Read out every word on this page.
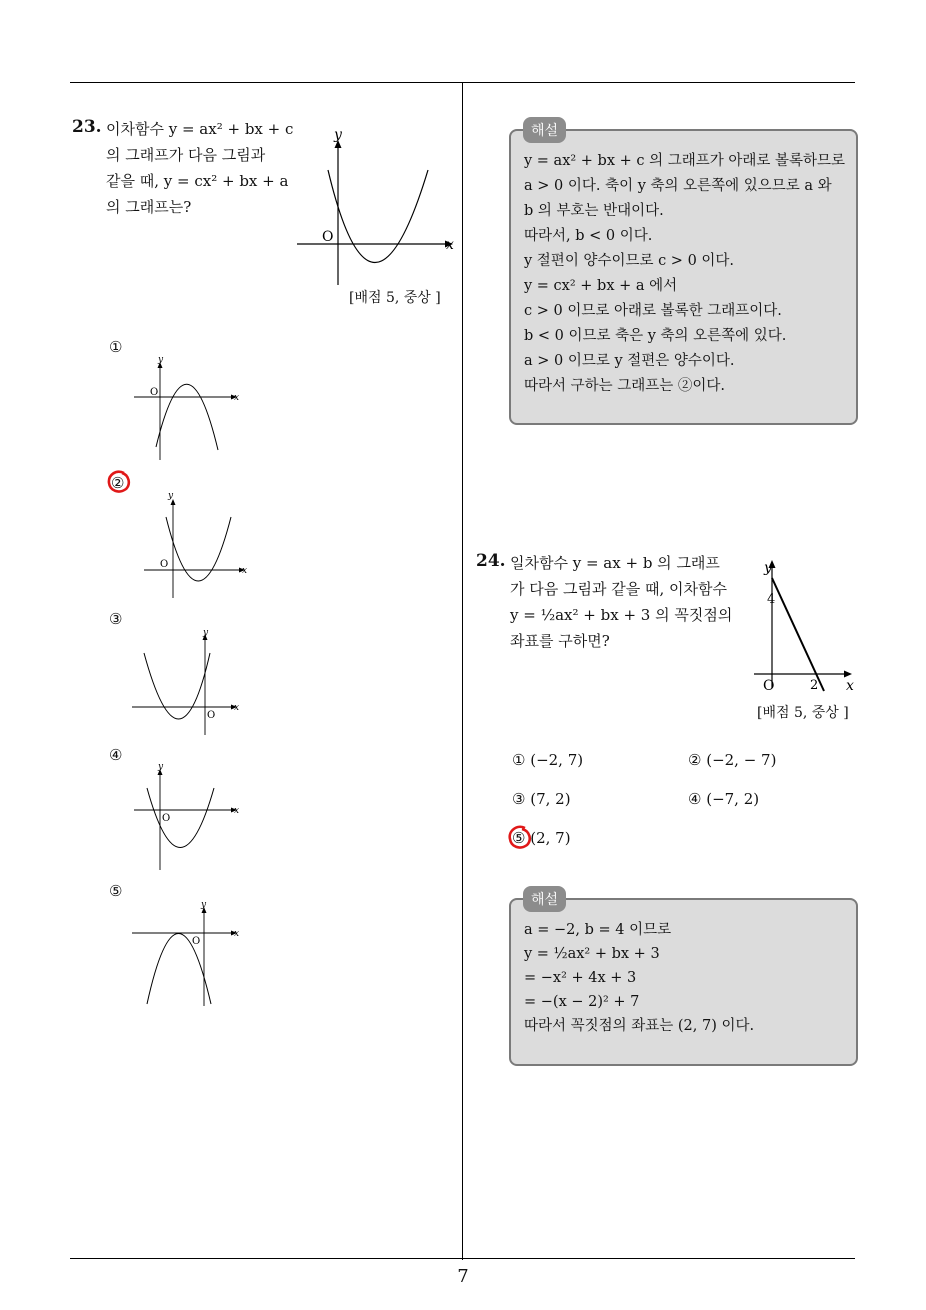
23. 이차함수 y = ax² + bx + c
의 그래프가 다음 그림과
같을 때, y = cx² + bx + a
의 그래프는?
y
x
O
[배점 5, 중상 ]
①
y
x
O
②
y
x
O
③
y
x
O
④
y
x
O
⑤
y
x
O
y = ax² + bx + c 의 그래프가 아래로 볼록하므로
a > 0 이다. 축이 y 축의 오른쪽에 있으므로 a 와
b 의 부호는 반대이다.
따라서, b < 0 이다.
y 절편이 양수이므로 c > 0 이다.
y = cx² + bx + a 에서
c > 0 이므로 아래로 볼록한 그래프이다.
b < 0 이므로 축은 y 축의 오른쪽에 있다.
a > 0 이므로 y 절편은 양수이다.
따라서 구하는 그래프는 ②이다.
해설
24. 일차함수 y = ax + b 의 그래프
가 다음 그림과 같을 때, 이차함수
y = ½ax² + bx + 3 의 꼭짓점의
좌표를 구하면?
y
x
O
4
2
[배점 5, 중상 ]
① (−2, 7)	② (−2, − 7)
③ (7, 2)	④ (−7, 2)
⑤ (2, 7)
a = −2, b = 4 이므로
y = ½ax² + bx + 3
= −x² + 4x + 3
= −(x − 2)² + 7
따라서 꼭짓점의 좌표는 (2, 7) 이다.
해설
7
